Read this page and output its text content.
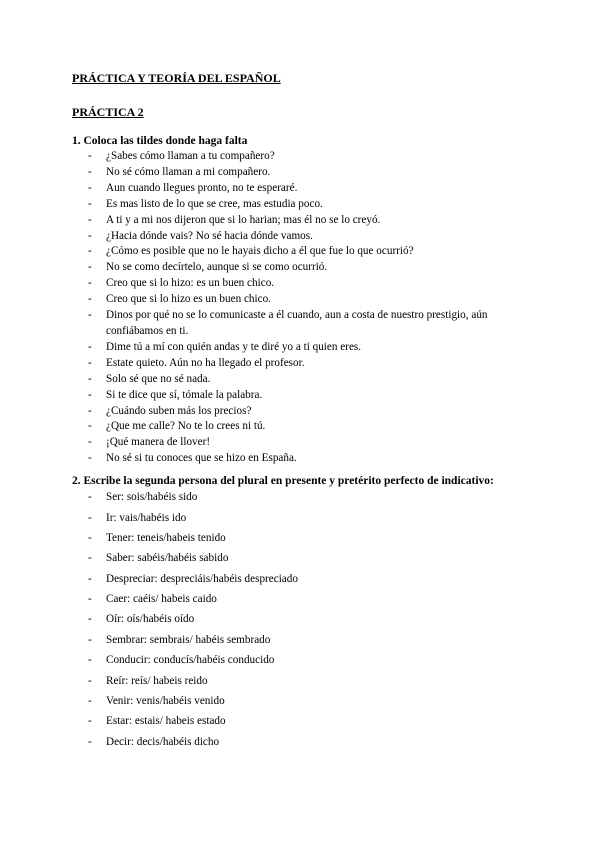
PRÁCTICA Y TEORÍA DEL ESPAÑOL
PRÁCTICA 2
1. Coloca las tildes donde haga falta
- ¿Sabes cómo llaman a tu compañero?
- No sé cómo llaman a mi compañero.
- Aun cuando llegues pronto, no te esperaré.
- Es mas listo de lo que se cree, mas estudia poco.
- A ti y a mi nos dijeron que si lo harian; mas él no se lo creyó.
- ¿Hacia dónde vais? No sé hacia dónde vamos.
- ¿Cómo es posible que no le hayais dicho a él que fue lo que ocurrió?
- No se como decírtelo, aunque si se como ocurrió.
- Creo que si lo hizo: es un buen chico.
- Creo que si lo hizo es un buen chico.
- Dinos por qué no se lo comunicaste a él cuando, aun a costa de nuestro prestigio, aún confiábamos en ti.
- Dime tú a mí con quién andas y te diré yo a ti quien eres.
- Estate quieto. Aún no ha llegado el profesor.
- Solo sé que no sé nada.
- Si te dice que sí, tómale la palabra.
- ¿Cuándo suben más los precios?
- ¿Que me calle? No te lo crees ni tú.
- ¡Qué manera de llover!
- No sé si tu conoces que se hizo en España.
2. Escribe la segunda persona del plural en presente y pretérito perfecto de indicativo:
- Ser: sois/habéis sido
- Ir: vais/habéis ido
- Tener: teneis/habeis tenido
- Saber: sabéis/habéis sabido
- Despreciar: despreciáis/habéis despreciado
- Caer: caéis/ habeis caido
- Oír: oís/habéis oído
- Sembrar: sembrais/ habéis sembrado
- Conducir: conducís/habéis conducido
- Reír: reís/ habeis reido
- Venir: venis/habéis venido
- Estar: estais/ habeis estado
- Decir: decis/habéis dicho
